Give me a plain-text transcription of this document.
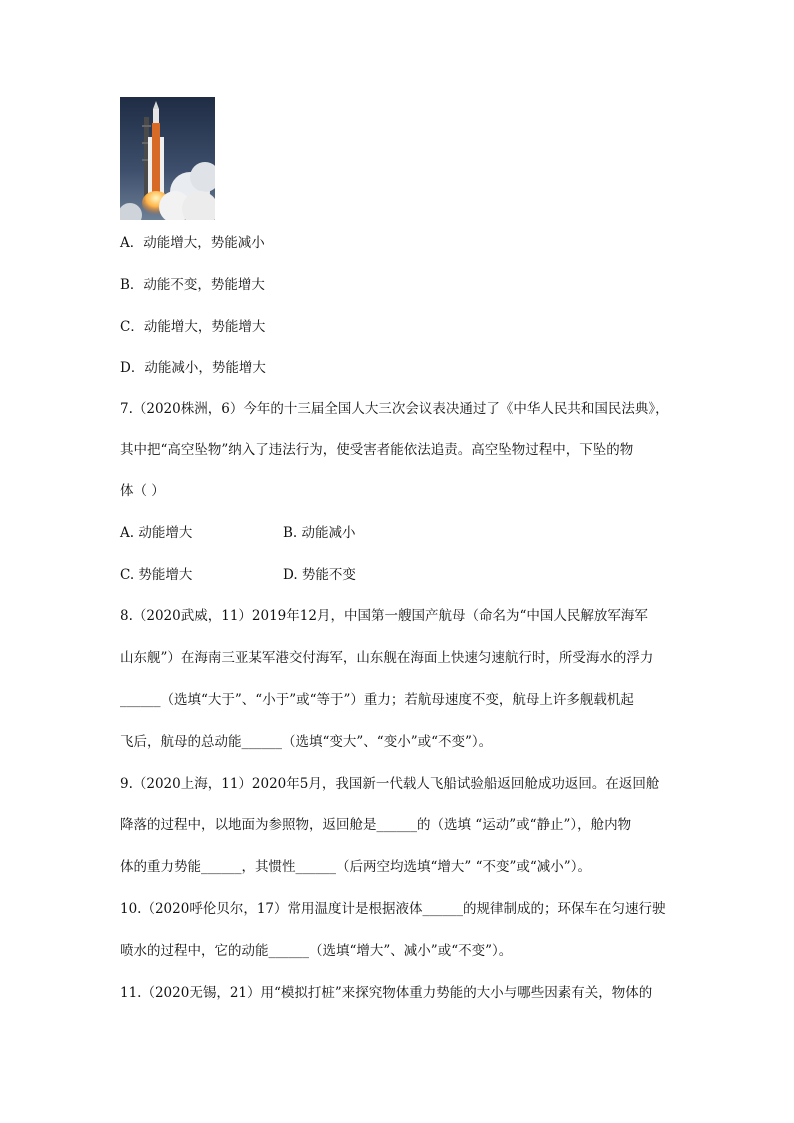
A．动能增大，势能减小
B．动能不变，势能增大
C．动能增大，势能增大
D．动能减小，势能增大
7.（2020株洲，6）今年的十三届全国人大三次会议表决通过了《中华人民共和国民法典》，
其中把“高空坠物”纳入了违法行为，使受害者能依法追责。高空坠物过程中，下坠的物
体（ ）
A. 动能增大	B. 动能减小
C. 势能增大	D. 势能不变
8.（2020武威，11）2019年12月，中国第一艘国产航母（命名为“中国人民解放军海军
山东舰”）在海南三亚某军港交付海军，山东舰在海面上快速匀速航行时，所受海水的浮力
______（选填“大于”、“小于”或“等于”）重力；若航母速度不变，航母上许多舰载机起
飞后，航母的总动能______（选填“变大”、“变小”或“不变”）。
9.（2020上海，11）2020年5月，我国新一代载人飞船试验船返回舱成功返回。在返回舱
降落的过程中，以地面为参照物，返回舱是______的（选填 “运动”或“静止”），舱内物
体的重力势能______，其惯性______（后两空均选填“增大” “不变”或“减小”）。
10.（2020呼伦贝尔，17）常用温度计是根据液体______的规律制成的；环保车在匀速行驶
喷水的过程中，它的动能______（选填“增大”、减小”或“不变”）。
11.（2020无锡，21）用“模拟打桩”来探究物体重力势能的大小与哪些因素有关，物体的
